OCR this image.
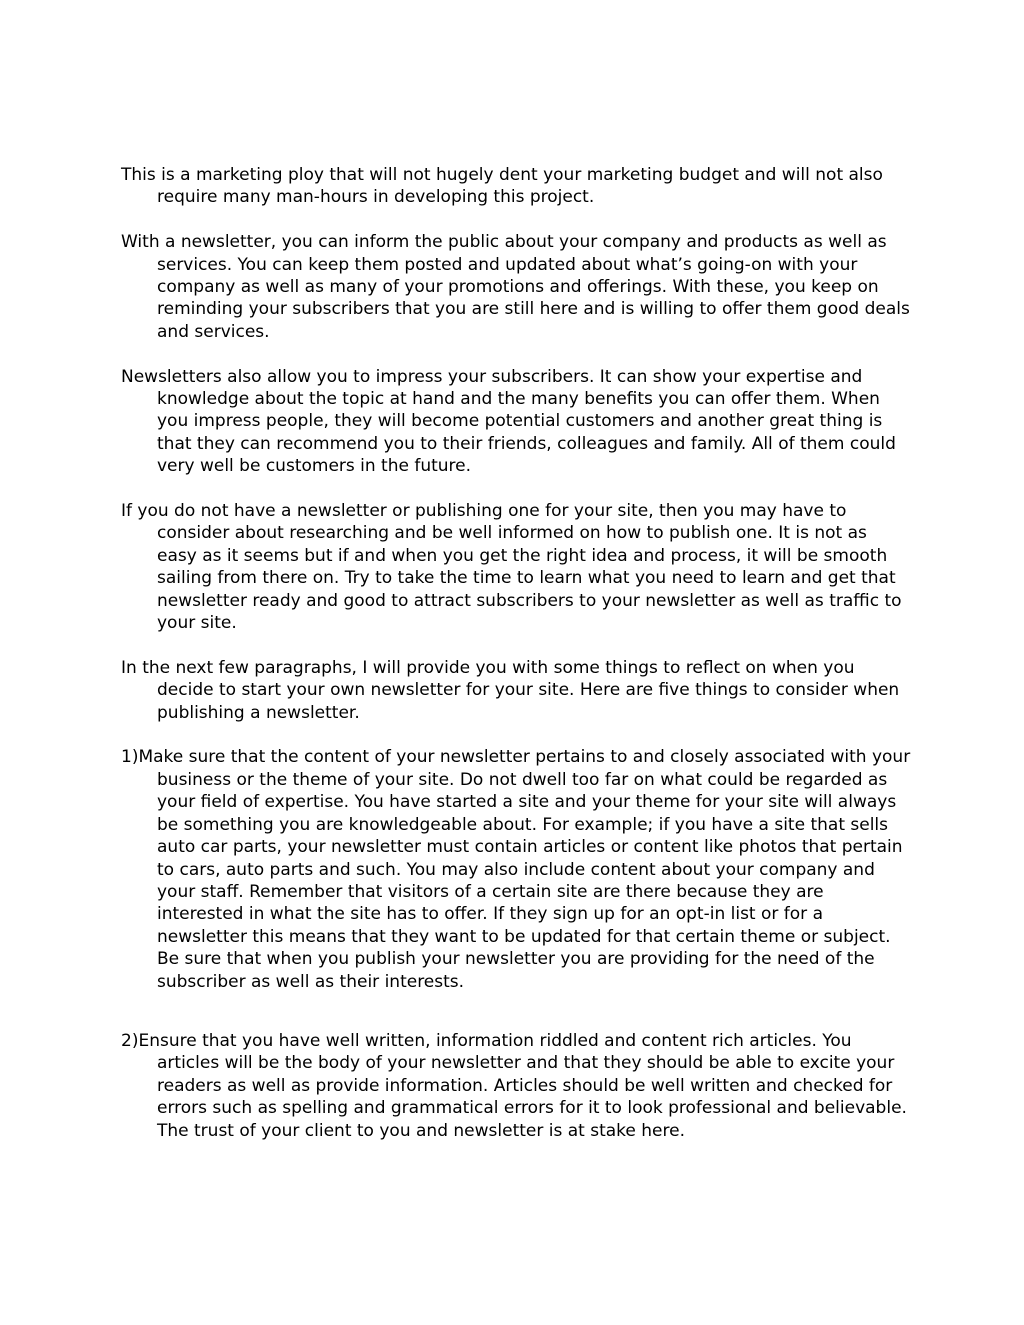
This is a marketing ploy that will not hugely dent your marketing budget and will not also require many man-hours in developing this project.

With a newsletter, you can inform the public about your company and products as well as services. You can keep them posted and updated about what’s going-on with your company as well as many of your promotions and offerings. With these, you keep on reminding your subscribers that you are still here and is willing to offer them good deals and services.

Newsletters also allow you to impress your subscribers. It can show your expertise and knowledge about the topic at hand and the many benefits you can offer them. When you impress people, they will become potential customers and another great thing is that they can recommend you to their friends, colleagues and family. All of them could very well be customers in the future.

If you do not have a newsletter or publishing one for your site, then you may have to consider about researching and be well informed on how to publish one. It is not as easy as it seems but if and when you get the right idea and process, it will be smooth sailing from there on. Try to take the time to learn what you need to learn and get that newsletter ready and good to attract subscribers to your newsletter as well as traffic to your site.

In the next few paragraphs, I will provide you with some things to reflect on when you decide to start your own newsletter for your site. Here are five things to consider when publishing a newsletter.

1)Make sure that the content of your newsletter pertains to and closely associated with your business or the theme of your site. Do not dwell too far on what could be regarded as your field of expertise. You have started a site and your theme for your site will always be something you are knowledgeable about. For example; if you have a site that sells auto car parts, your newsletter must contain articles or content like photos that pertain to cars, auto parts and such. You may also include content about your company and your staff. Remember that visitors of a certain site are there because they are interested in what the site has to offer. If they sign up for an opt-in list or for a newsletter this means that they want to be updated for that certain theme or subject. Be sure that when you publish your newsletter you are providing for the need of the subscriber as well as their interests.

2)Ensure that you have well written, information riddled and content rich articles. You articles will be the body of your newsletter and that they should be able to excite your readers as well as provide information. Articles should be well written and checked for errors such as spelling and grammatical errors for it to look professional and believable. The trust of your client to you and newsletter is at stake here.
